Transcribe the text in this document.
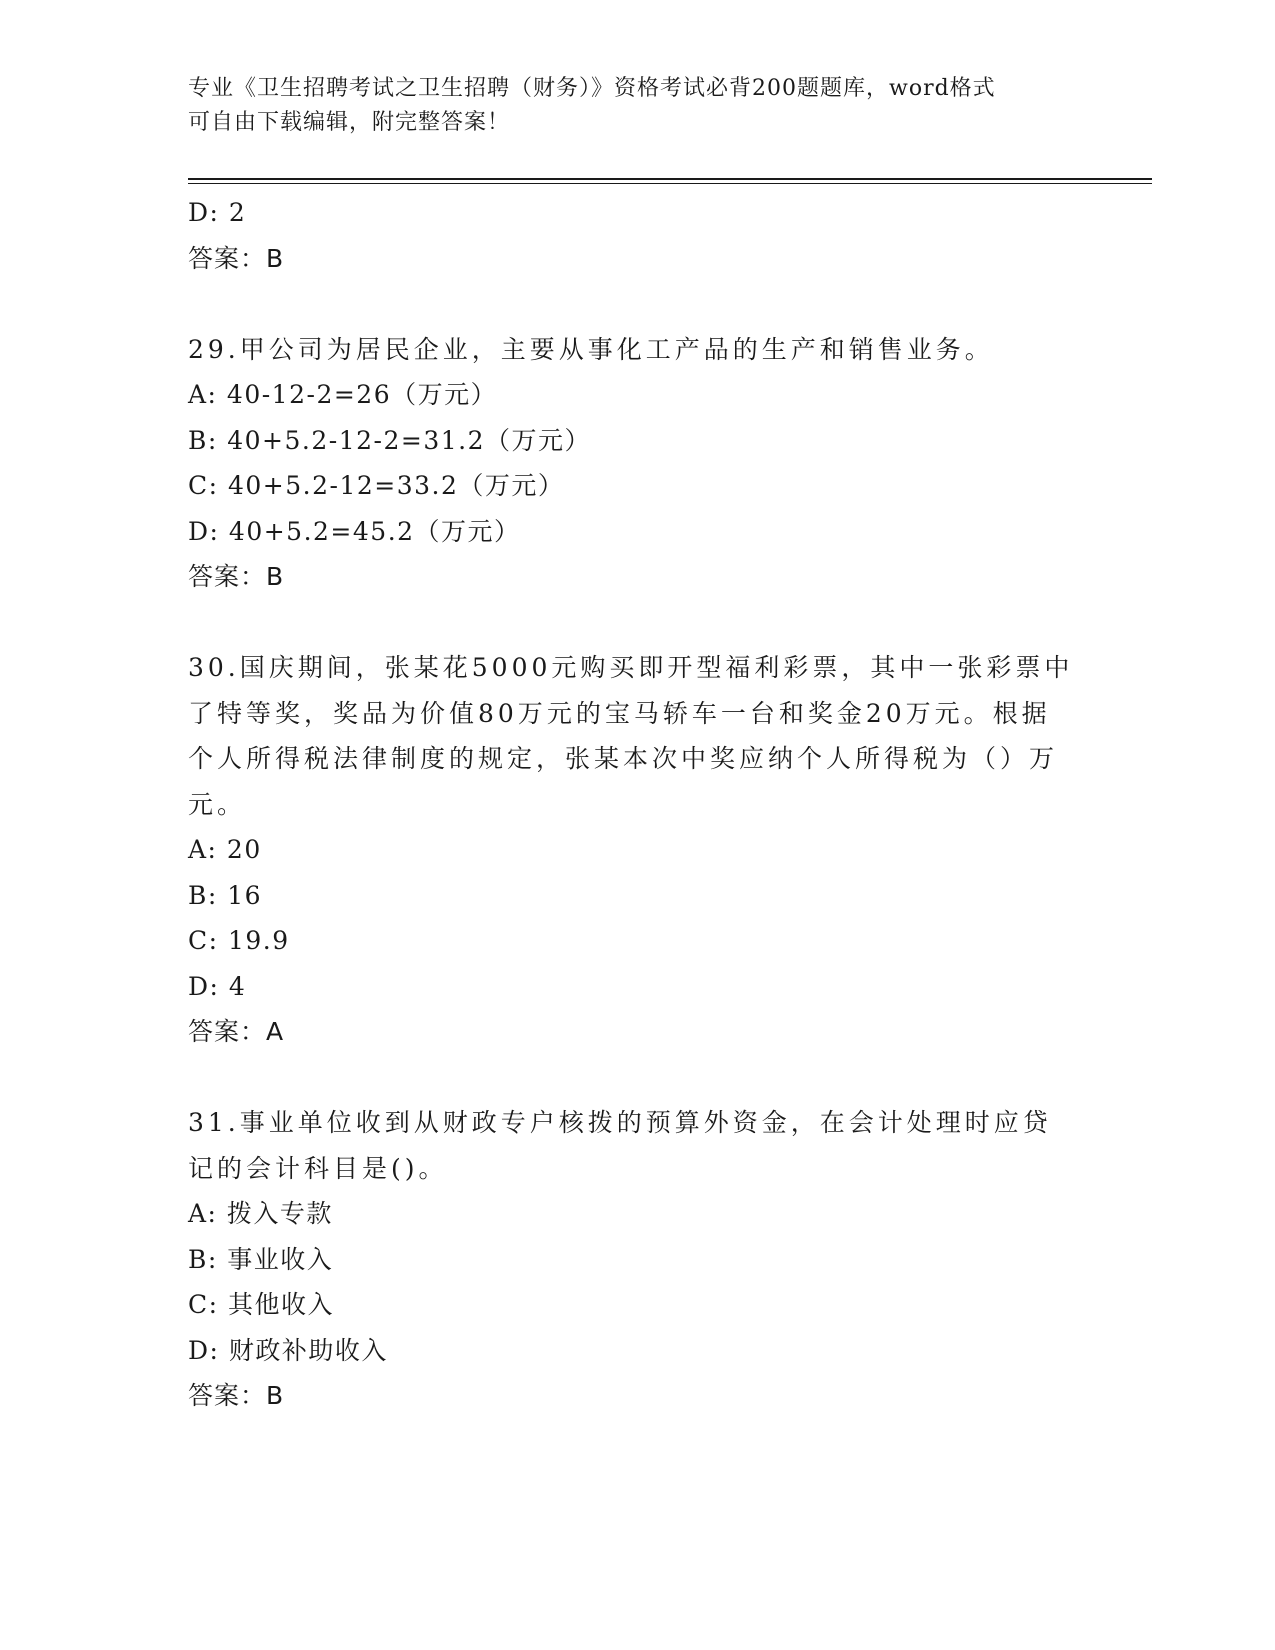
专业《卫生招聘考试之卫生招聘（财务）》资格考试必背200题题库，word格式
可自由下载编辑，附完整答案！
D: 2
答案：B
29.甲公司为居民企业，主要从事化工产品的生产和销售业务。
A: 40-12-2=26（万元）
B: 40+5.2-12-2=31.2（万元）
C: 40+5.2-12=33.2（万元）
D: 40+5.2=45.2（万元）
答案：B
30.国庆期间，张某花5000元购买即开型福利彩票，其中一张彩票中了特等奖，奖品为价值80万元的宝马轿车一台和奖金20万元。根据个人所得税法律制度的规定，张某本次中奖应纳个人所得税为（）万元。
A: 20
B: 16
C: 19.9
D: 4
答案：A
31.事业单位收到从财政专户核拨的预算外资金，在会计处理时应贷记的会计科目是()。
A: 拨入专款
B: 事业收入
C: 其他收入
D: 财政补助收入
答案：B
